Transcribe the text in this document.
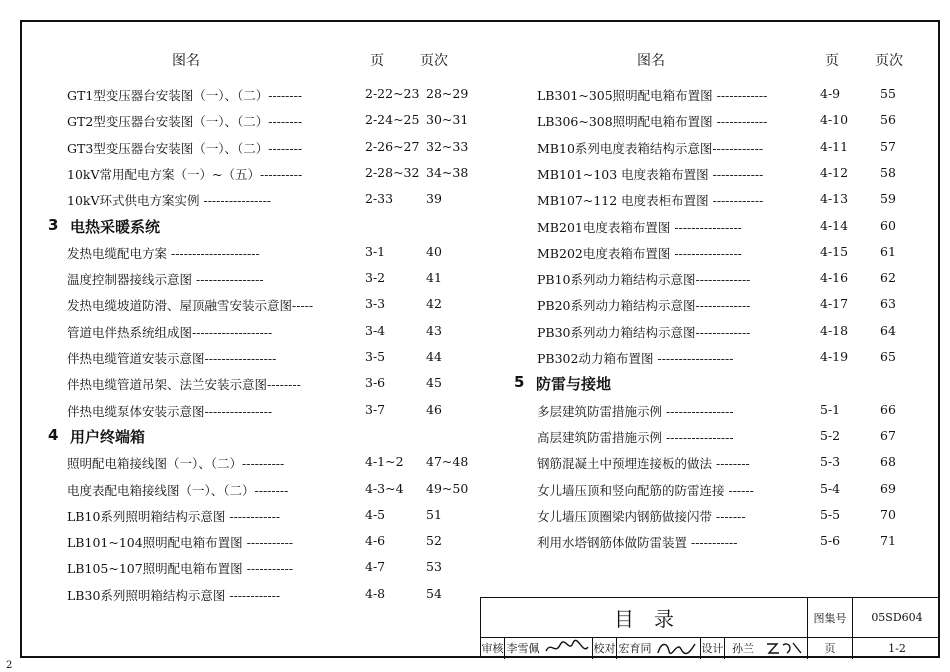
图名	页	页次	图名	页	页次
GT1型变压器台安装图（一）、（二）--------	2-22~23 28~29
GT2型变压器台安装图（一）、（二）--------	2-24~25 30~31
GT3型变压器台安装图（一）、（二）--------	2-26~27 32~33
10kV常用配电方案（一）~（五）----------	2-28~32 34~38
10kV环式供电方案实例 ----------------	2-33	39
3 电热采暖系统
发热电缆配电方案 ---------------------	3-1	40
温度控制器接线示意图 ----------------	3-2	41
发热电缆坡道防滑、屋顶融雪安装示意图-----	3-3	42
管道电伴热系统组成图-------------------	3-4	43
伴热电缆管道安装示意图-----------------	3-5	44
伴热电缆管道吊架、法兰安装示意图--------	3-6	45
伴热电缆泵体安装示意图----------------	3-7	46
4 用户终端箱
照明配电箱接线图（一）、（二）----------	4-1~2 47~48
电度表配电箱接线图（一）、（二）--------	4-3~4 49~50
LB10系列照明箱结构示意图 ------------	4-5	51
LB101~104照明配电箱布置图 -----------	4-6	52
LB105~107照明配电箱布置图 -----------	4-7	53
LB30系列照明箱结构示意图 ------------	4-8	54
LB301~305照明配电箱布置图 ------------	4-9	55
LB306~308照明配电箱布置图 ------------	4-10	56
MB10系列电度表箱结构示意图------------	4-11	57
MB101~103 电度表箱布置图 ------------	4-12	58
MB107~112 电度表柜布置图 ------------	4-13	59
MB201电度表箱布置图 ----------------	4-14	60
MB202电度表箱布置图 ----------------	4-15	61
PB10系列动力箱结构示意图-------------	4-16	62
PB20系列动力箱结构示意图-------------	4-17	63
PB30系列动力箱结构示意图-------------	4-18	64
PB302动力箱布置图 ------------------	4-19	65
5 防雷与接地
多层建筑防雷措施示例 ----------------	5-1	66
高层建筑防雷措施示例 ----------------	5-2	67
钢筋混凝土中预埋连接板的做法 --------	5-3	68
女儿墙压顶和竖向配筋的防雷连接 ------	5-4	69
女儿墙压顶圈梁内钢筋做接闪带 -------	5-5	70
利用水塔钢筋体做防雷装置 -----------	5-6	71
目　录	图集号	05SD604
审核 李雪佩	校对 宏育同	设计 孙兰	页	1-2
2
